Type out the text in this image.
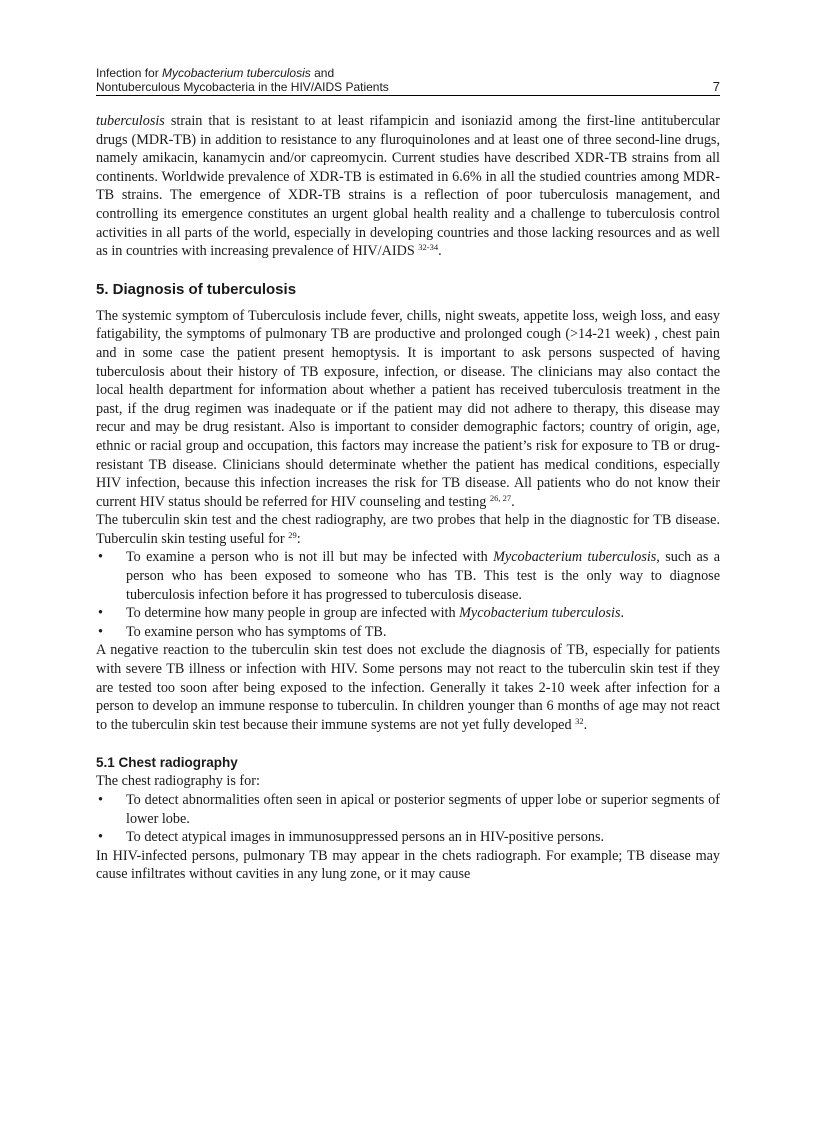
Infection for Mycobacterium tuberculosis and
Nontuberculous Mycobacteria in the HIV/AIDS Patients	7

tuberculosis strain that is resistant to at least rifampicin and isoniazid among the first-line antitubercular drugs (MDR-TB) in addition to resistance to any fluroquinolones and at least one of three second-line drugs, namely amikacin, kanamycin and/or capreomycin. Current studies have described XDR-TB strains from all continents. Worldwide prevalence of XDR-TB is estimated in 6.6% in all the studied countries among MDR-TB strains. The emergence of XDR-TB strains is a reflection of poor tuberculosis management, and controlling its emergence constitutes an urgent global health reality and a challenge to tuberculosis control activities in all parts of the world, especially in developing countries and those lacking resources and as well as in countries with increasing prevalence of HIV/AIDS $^{32-34}$.

5. Diagnosis of tuberculosis

The systemic symptom of Tuberculosis include fever, chills, night sweats, appetite loss, weigh loss, and easy fatigability, the symptoms of pulmonary TB are productive and prolonged cough (>14-21 week) , chest pain and in some case the patient present hemoptysis. It is important to ask persons suspected of having tuberculosis about their history of TB exposure, infection, or disease. The clinicians may also contact the local health department for information about whether a patient has received tuberculosis treatment in the past, if the drug regimen was inadequate or if the patient may did not adhere to therapy, this disease may recur and may be drug resistant. Also is important to consider demographic factors; country of origin, age, ethnic or racial group and occupation, this factors may increase the patient’s risk for exposure to TB or drug-resistant TB disease. Clinicians should determinate whether the patient has medical conditions, especially HIV infection, because this infection increases the risk for TB disease. All patients who do not know their current HIV status should be referred for HIV counseling and testing $^{26, 27}$.

The tuberculin skin test and the chest radiography, are two probes that help in the diagnostic for TB disease. Tuberculin skin testing useful for $^{29}$:

• To examine a person who is not ill but may be infected with Mycobacterium tuberculosis, such as a person who has been exposed to someone who has TB. This test is the only way to diagnose tuberculosis infection before it has progressed to tuberculosis disease.
• To determine how many people in group are infected with Mycobacterium tuberculosis.
• To examine person who has symptoms of TB.

A negative reaction to the tuberculin skin test does not exclude the diagnosis of TB, especially for patients with severe TB illness or infection with HIV. Some persons may not react to the tuberculin skin test if they are tested too soon after being exposed to the infection. Generally it takes 2-10 week after infection for a person to develop an immune response to tuberculin. In children younger than 6 months of age may not react to the tuberculin skin test because their immune systems are not yet fully developed $^{32}$.

5.1 Chest radiography

The chest radiography is for:

• To detect abnormalities often seen in apical or posterior segments of upper lobe or superior segments of lower lobe.
• To detect atypical images in immunosuppressed persons an in HIV-positive persons.

In HIV-infected persons, pulmonary TB may appear in the chets radiograph. For example; TB disease may cause infiltrates without cavities in any lung zone, or it may cause
